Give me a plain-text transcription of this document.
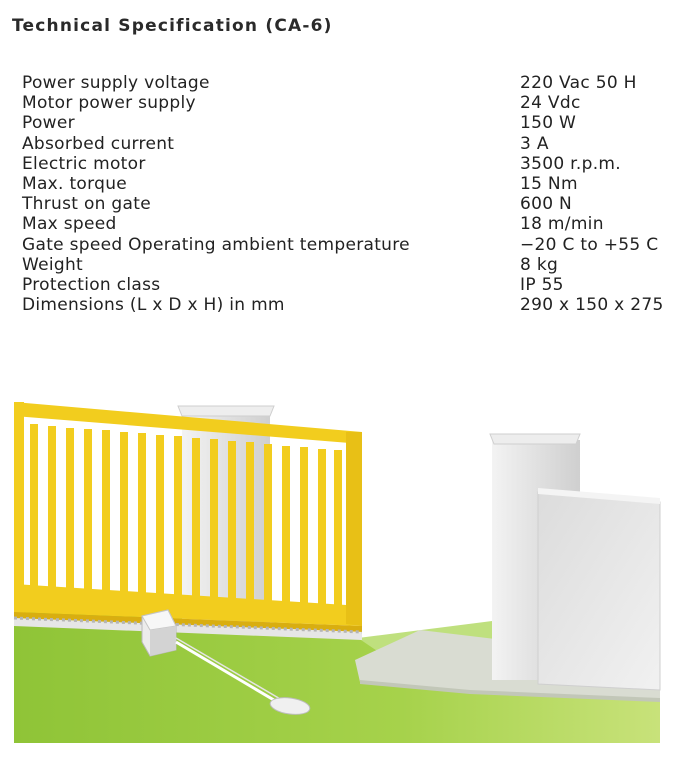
Technical Specification (CA-6)
Power supply voltage	220 Vac 50 H
Motor power supply	24 Vdc
Power	150 W
Absorbed current	3 A
Electric motor	3500 r.p.m.
Max. torque	15 Nm
Thrust on gate	600 N
Max speed	18 m/min
Gate speed Operating ambient temperature	−20 C to +55 C
Weight	8 kg
Protection class	IP 55
Dimensions (L x D x H) in mm	290 x 150 x 275
